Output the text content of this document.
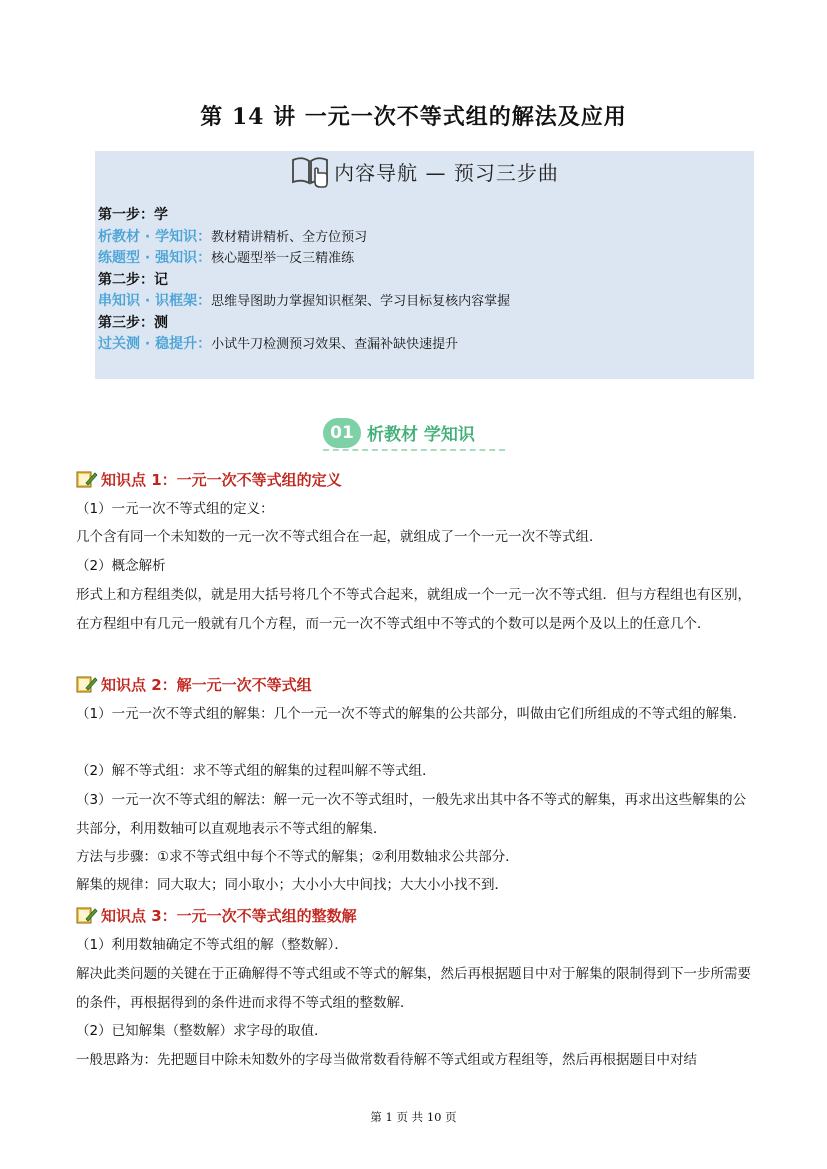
第 14 讲 一元一次不等式组的解法及应用
内容导航 — 预习三步曲
第一步：学
析教材 · 学知识：教材精讲精析、全方位预习
练题型 · 强知识：核心题型举一反三精准练
第二步：记
串知识 · 识框架：思维导图助力掌握知识框架、学习目标复核内容掌握
第三步：测
过关测 · 稳提升：小试牛刀检测预习效果、查漏补缺快速提升
01 析教材 学知识
知识点 1：一元一次不等式组的定义
（1）一元一次不等式组的定义：
几个含有同一个未知数的一元一次不等式组合在一起，就组成了一个一元一次不等式组．
（2）概念解析
形式上和方程组类似，就是用大括号将几个不等式合起来，就组成一个一元一次不等式组．但与方程组也有区别，在方程组中有几元一般就有几个方程，而一元一次不等式组中不等式的个数可以是两个及以上的任意几个．
知识点 2：解一元一次不等式组
（1）一元一次不等式组的解集：几个一元一次不等式的解集的公共部分，叫做由它们所组成的不等式组的解集．
（2）解不等式组：求不等式组的解集的过程叫解不等式组．
（3）一元一次不等式组的解法：解一元一次不等式组时，一般先求出其中各不等式的解集，再求出这些解集的公共部分，利用数轴可以直观地表示不等式组的解集．
方法与步骤：①求不等式组中每个不等式的解集；②利用数轴求公共部分．
解集的规律：同大取大；同小取小；大小小大中间找；大大小小找不到．
知识点 3：一元一次不等式组的整数解
（1）利用数轴确定不等式组的解（整数解）．
解决此类问题的关键在于正确解得不等式组或不等式的解集，然后再根据题目中对于解集的限制得到下一步所需要的条件，再根据得到的条件进而求得不等式组的整数解．
（2）已知解集（整数解）求字母的取值．
一般思路为：先把题目中除未知数外的字母当做常数看待解不等式组或方程组等，然后再根据题目中对结
第 1 页 共 10 页
